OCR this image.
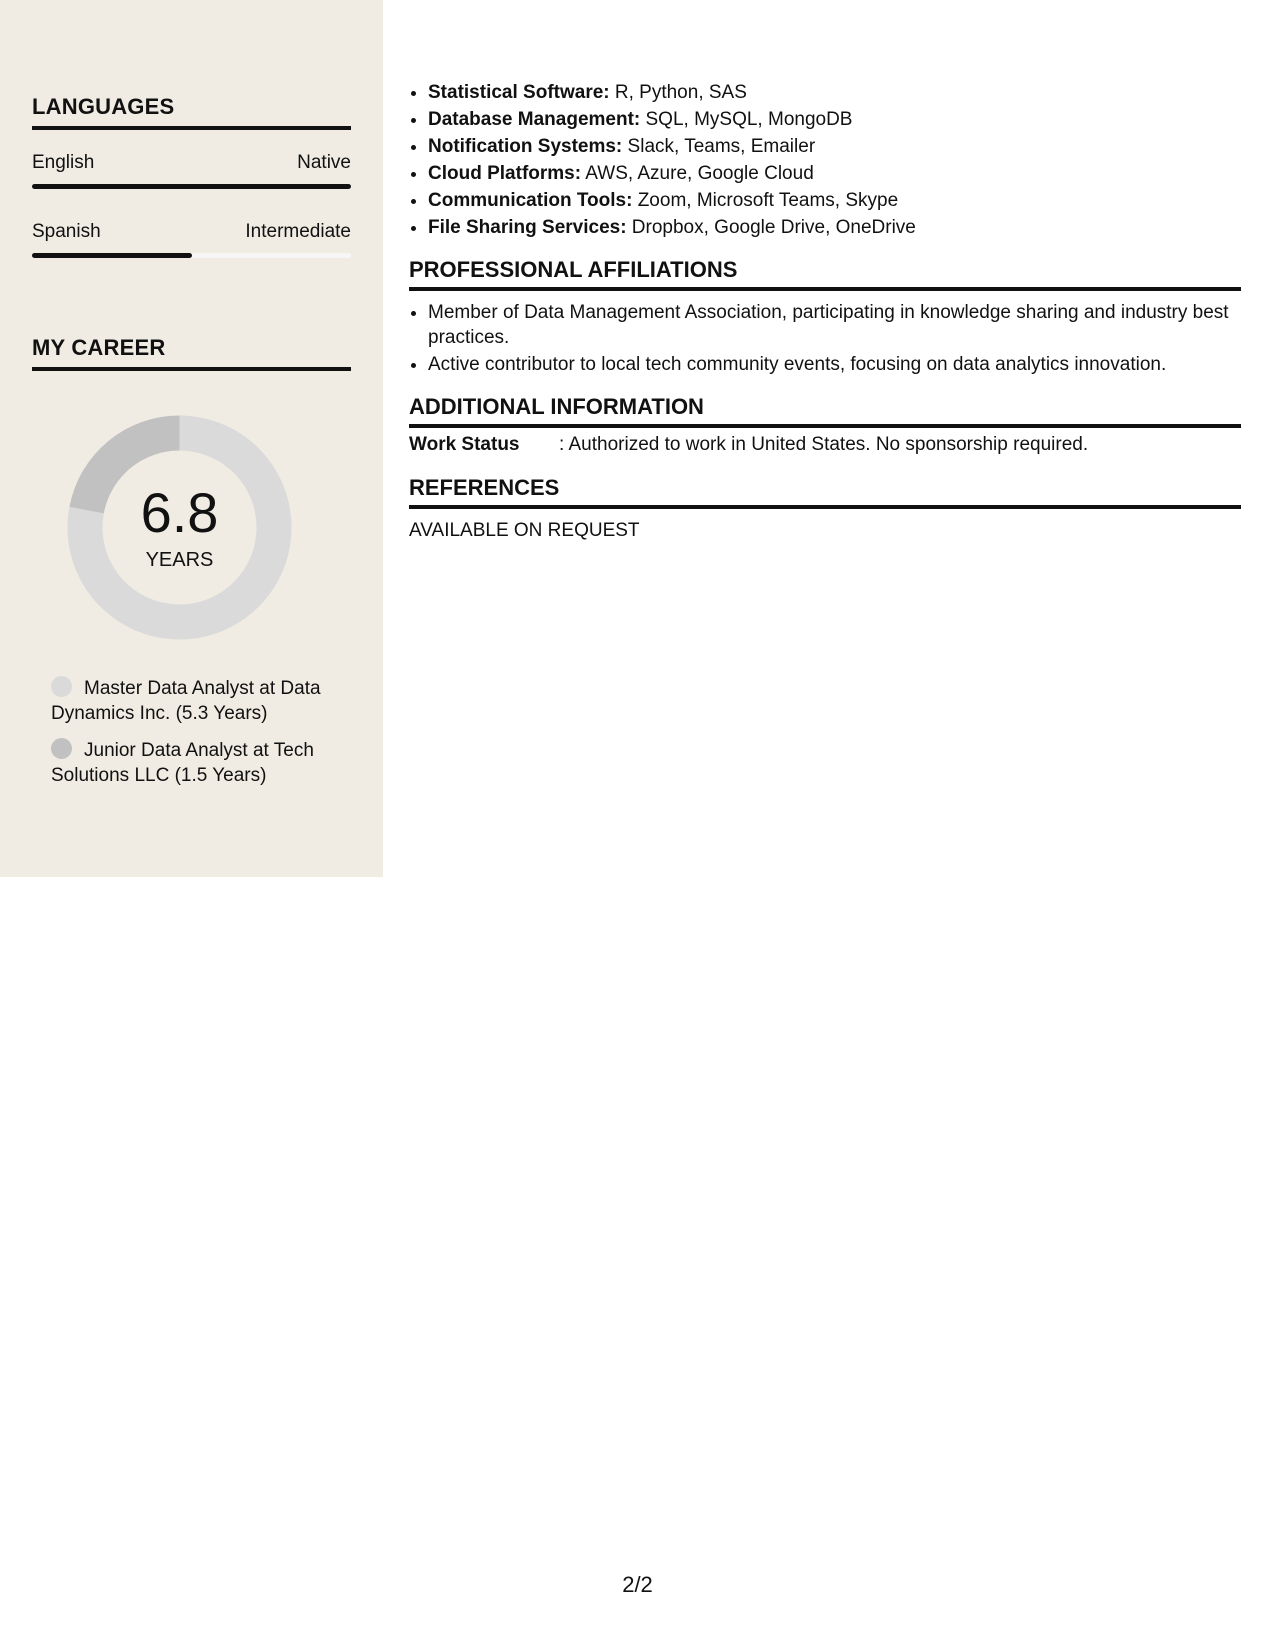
LANGUAGES
English	Native
Spanish	Intermediate
MY CAREER
6.8
YEARS
Master Data Analyst at Data Dynamics Inc. (5.3 Years)
Junior Data Analyst at Tech Solutions LLC (1.5 Years)
• Statistical Software: R, Python, SAS
• Database Management: SQL, MySQL, MongoDB
• Notification Systems: Slack, Teams, Emailer
• Cloud Platforms: AWS, Azure, Google Cloud
• Communication Tools: Zoom, Microsoft Teams, Skype
• File Sharing Services: Dropbox, Google Drive, OneDrive
PROFESSIONAL AFFILIATIONS
• Member of Data Management Association, participating in knowledge sharing and industry best practices.
• Active contributor to local tech community events, focusing on data analytics innovation.
ADDITIONAL INFORMATION
Work Status : Authorized to work in United States. No sponsorship required.
REFERENCES
AVAILABLE ON REQUEST
2/2
